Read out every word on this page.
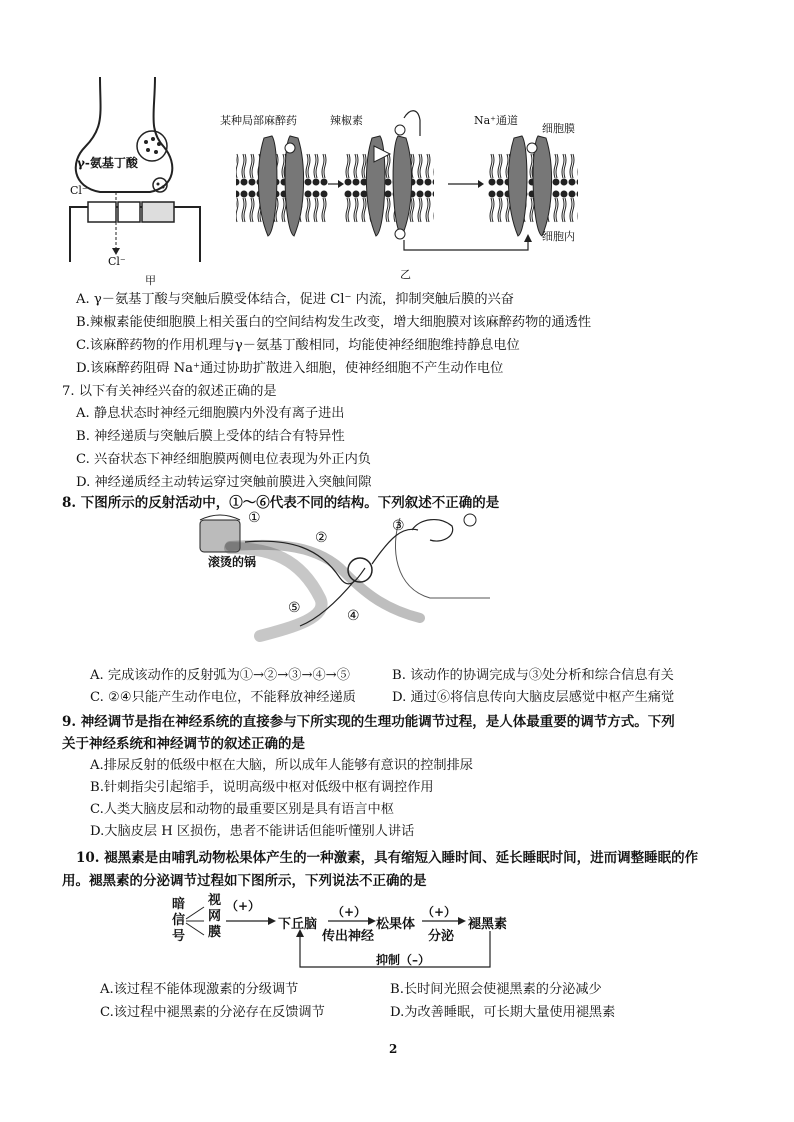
γ-氨基丁酸
Cl⁻
Cl⁻
甲
某种局部麻醉药	辣椒素	Na⁺通道
细胞膜
细胞内
乙
A. γ－氨基丁酸与突触后膜受体结合，促进 Cl⁻ 内流，抑制突触后膜的兴奋
B.辣椒素能使细胞膜上相关蛋白的空间结构发生改变，增大细胞膜对该麻醉药物的通透性
C.该麻醉药物的作用机理与γ－氨基丁酸相同，均能使神经细胞维持静息电位
D.该麻醉药阻碍 Na⁺通过协助扩散进入细胞，使神经细胞不产生动作电位
7. 以下有关神经兴奋的叙述正确的是
A. 静息状态时神经元细胞膜内外没有离子进出
B. 神经递质与突触后膜上受体的结合有特异性
C. 兴奋状态下神经细胞膜两侧电位表现为外正内负
D. 神经递质经主动转运穿过突触前膜进入突触间隙
8. 下图所示的反射活动中，①～⑥代表不同的结构。下列叙述不正确的是
①
②
③
④
⑤
滚烫的锅
A. 完成该动作的反射弧为①→②→③→④→⑤	B. 该动作的协调完成与③处分析和综合信息有关
C. ②④只能产生动作电位，不能释放神经递质	D. 通过⑥将信息传向大脑皮层感觉中枢产生痛觉
9. 神经调节是指在神经系统的直接参与下所实现的生理功能调节过程，是人体最重要的调节方式。下列
关于神经系统和神经调节的叙述正确的是
A.排尿反射的低级中枢在大脑，所以成年人能够有意识的控制排尿
B.针刺指尖引起缩手，说明高级中枢对低级中枢有调控作用
C.人类大脑皮层和动物的最重要区别是具有语言中枢
D.大脑皮层 H 区损伤，患者不能讲话但能听懂别人讲话
10. 褪黑素是由哺乳动物松果体产生的一种激素，具有缩短入睡时间、延长睡眠时间，进而调整睡眠的作
用。褪黑素的分泌调节过程如下图所示，下列说法不正确的是
暗
信
号
视
网
膜
（+）
下丘脑
（+）
传出神经
松果体
（+）
分泌
褪黑素
抑制（–）
A.该过程不能体现激素的分级调节	B.长时间光照会使褪黑素的分泌减少
C.该过程中褪黑素的分泌存在反馈调节	D.为改善睡眠，可长期大量使用褪黑素
2
